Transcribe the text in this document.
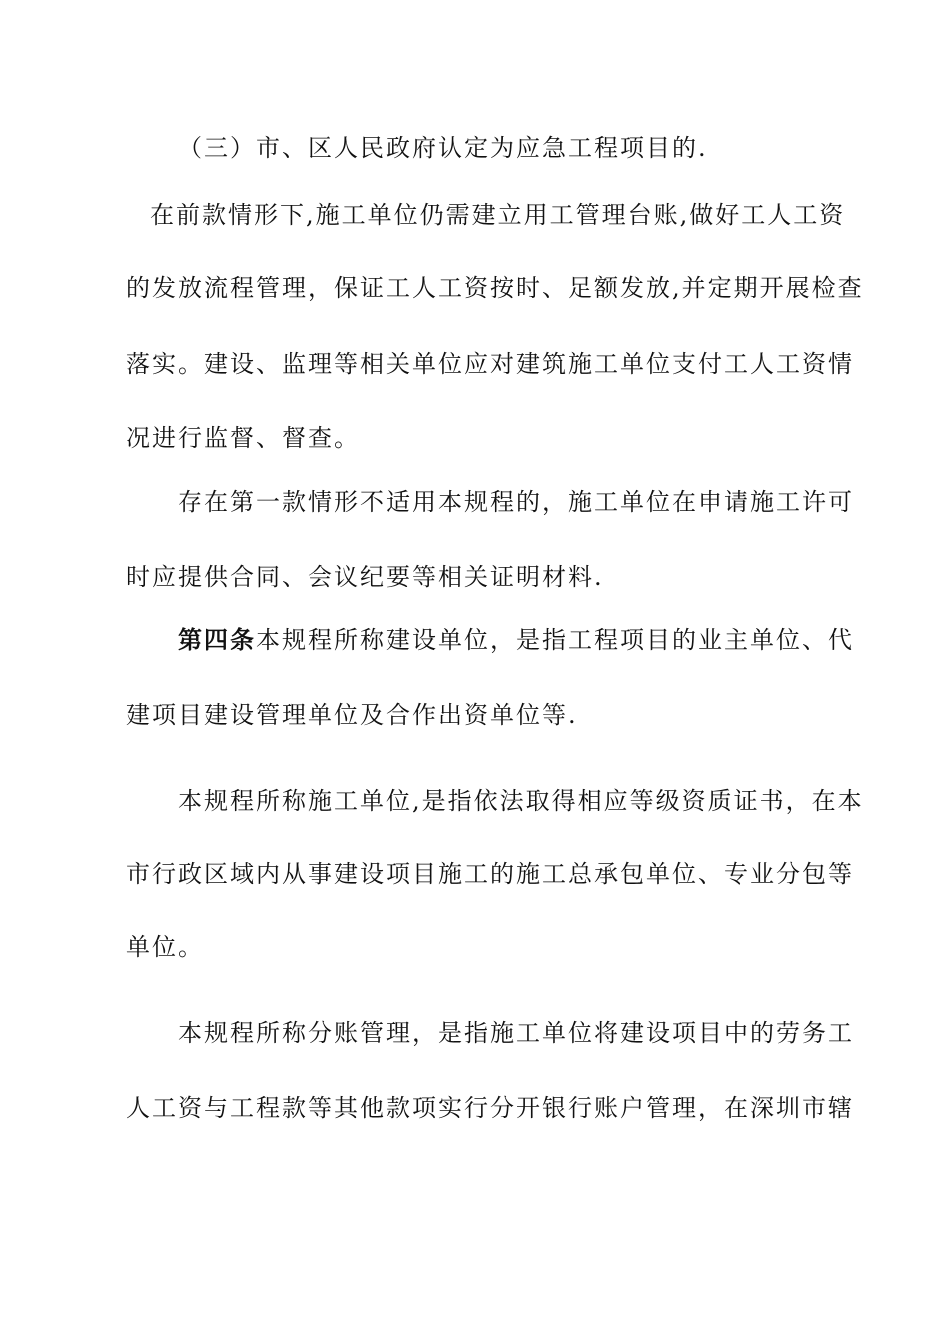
（三）市、区人民政府认定为应急工程项目的.
在前款情形下,施工单位仍需建立用工管理台账,做好工人工资
的发放流程管理，保证工人工资按时、足额发放,并定期开展检查
落实。建设、监理等相关单位应对建筑施工单位支付工人工资情
况进行监督、督查。
存在第一款情形不适用本规程的，施工单位在申请施工许可
时应提供合同、会议纪要等相关证明材料.
第四条本规程所称建设单位，是指工程项目的业主单位、代
建项目建设管理单位及合作出资单位等.
本规程所称施工单位,是指依法取得相应等级资质证书，在本
市行政区域内从事建设项目施工的施工总承包单位、专业分包等
单位。
本规程所称分账管理，是指施工单位将建设项目中的劳务工
人工资与工程款等其他款项实行分开银行账户管理，在深圳市辖
